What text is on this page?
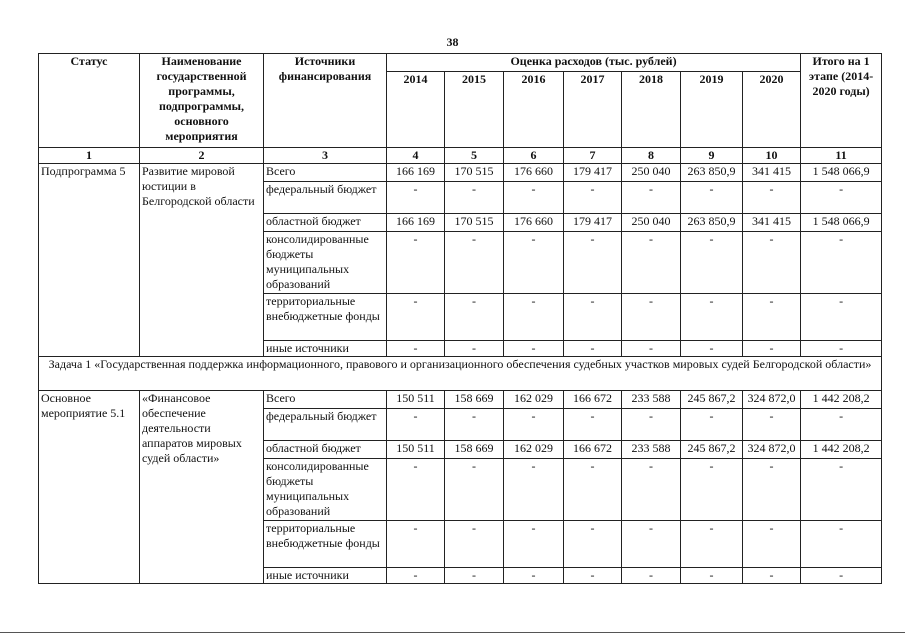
38
Статус	Наименование государственной программы, подпрограммы, основного мероприятия	Источники финансирования	Оценка расходов (тыс. рублей)							Итого на 1 этапе (2014-2020 годы)
			2014	2015	2016	2017	2018	2019	2020	
1	2	3	4	5	6	7	8	9	10	11
Подпрограмма 5	Развитие мировой юстиции в Белгородской области	Всего	166 169	170 515	176 660	179 417	250 040	263 850,9	341 415	1 548 066,9
		федеральный бюджет	-	-	-	-	-	-	-	-
		областной бюджет	166 169	170 515	176 660	179 417	250 040	263 850,9	341 415	1 548 066,9
		консолидированные бюджеты муниципальных образований	-	-	-	-	-	-	-	-
		территориальные внебюджетные фонды	-	-	-	-	-	-	-	-
		иные источники	-	-	-	-	-	-	-	-
Задача 1 «Государственная поддержка информационного, правового и организационного обеспечения судебных участков мировых судей Белгородской области»										
Основное мероприятие 5.1	«Финансовое обеспечение деятельности аппаратов мировых судей области»	Всего	150 511	158 669	162 029	166 672	233 588	245 867,2	324 872,0	1 442 208,2
		федеральный бюджет	-	-	-	-	-	-	-	-
		областной бюджет	150 511	158 669	162 029	166 672	233 588	245 867,2	324 872,0	1 442 208,2
		консолидированные бюджеты муниципальных образований	-	-	-	-	-	-	-	-
		территориальные внебюджетные фонды	-	-	-	-	-	-	-	-
		иные источники	-	-	-	-	-	-	-	-
